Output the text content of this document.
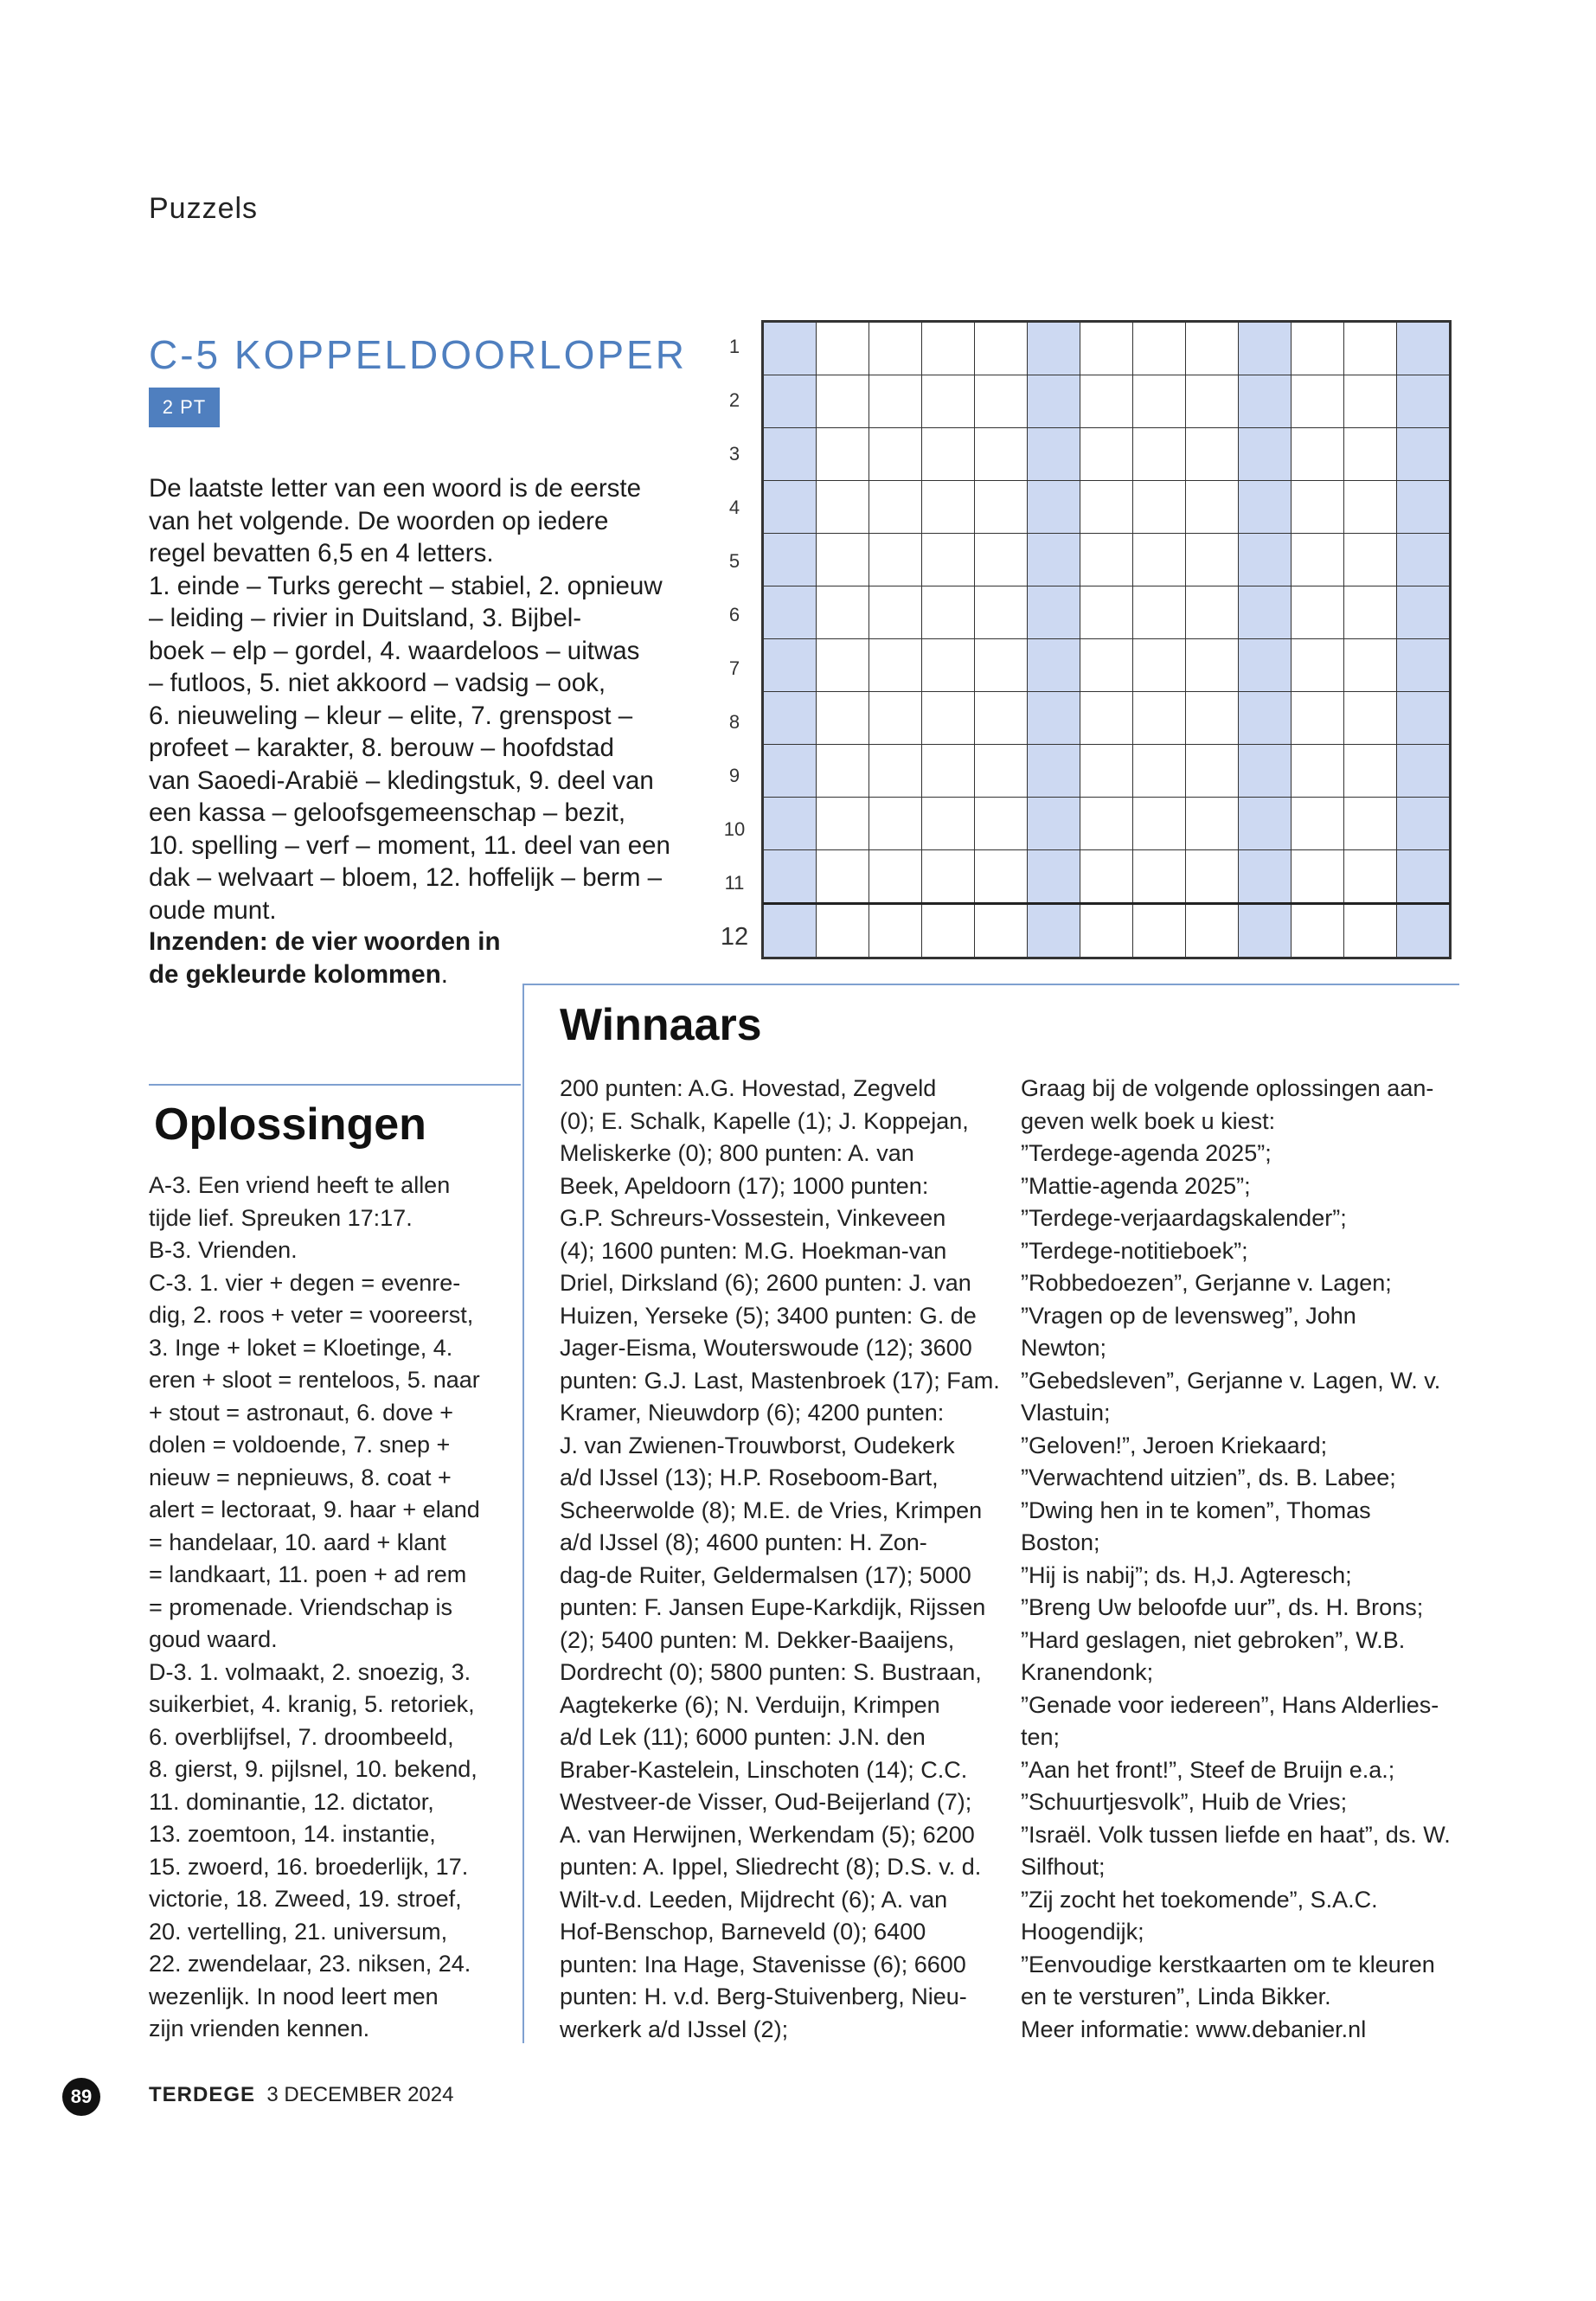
Puzzels
C-5 KOPPELDOORLOPER
2 PT
De laatste letter van een woord is de eerste
van het volgende. De woorden op iedere
regel bevatten 6,5 en 4 letters.
1. einde – Turks gerecht – stabiel, 2. opnieuw
– leiding – rivier in Duitsland, 3. Bijbel-
boek – elp – gordel, 4. waardeloos – uitwas
– futloos, 5. niet akkoord – vadsig – ook,
6. nieuweling – kleur – elite, 7. grenspost –
profeet – karakter, 8. berouw – hoofdstad
van Saoedi-Arabië – kledingstuk, 9. deel van
een kassa – geloofsgemeenschap – bezit,
10. spelling – verf – moment, 11. deel van een
dak – welvaart – bloem, 12. hoffelijk – berm –
oude munt.
Inzenden: de vier woorden in
de gekleurde kolommen.
1
2
3
4
5
6
7
8
9
10
11
12

Winnaars
Oplossingen
A-3. Een vriend heeft te allen
tijde lief. Spreuken 17:17.
B-3. Vrienden.
C-3. 1. vier + degen = evenre-
dig, 2. roos + veter = vooreerst,
3. Inge + loket = Kloetinge, 4.
eren + sloot = renteloos, 5. naar
+ stout = astronaut, 6. dove +
dolen = voldoende, 7. snep +
nieuw = nepnieuws, 8. coat +
alert = lectoraat, 9. haar + eland
= handelaar, 10. aard + klant
= landkaart, 11. poen + ad rem
= promenade. Vriendschap is
goud waard.
D-3. 1. volmaakt, 2. snoezig, 3.
suikerbiet, 4. kranig, 5. retoriek,
6. overblijfsel, 7. droombeeld,
8. gierst, 9. pijlsnel, 10. bekend,
11. dominantie, 12. dictator,
13. zoemtoon, 14. instantie,
15. zwoerd, 16. broederlijk, 17.
victorie, 18. Zweed, 19. stroef,
20. vertelling, 21. universum,
22. zwendelaar, 23. niksen, 24.
wezenlijk. In nood leert men
zijn vrienden kennen.
200 punten: A.G. Hovestad, Zegveld
(0); E. Schalk, Kapelle (1); J. Koppejan,
Meliskerke (0); 800 punten: A. van
Beek, Apeldoorn (17); 1000 punten:
G.P. Schreurs-Vossestein, Vinkeveen
(4); 1600 punten: M.G. Hoekman-van
Driel, Dirksland (6); 2600 punten: J. van
Huizen, Yerseke (5); 3400 punten: G. de
Jager-Eisma, Wouterswoude (12); 3600
punten: G.J. Last, Mastenbroek (17); Fam.
Kramer, Nieuwdorp (6); 4200 punten:
J. van Zwienen-Trouwborst, Oudekerk
a/d IJssel (13); H.P. Roseboom-Bart,
Scheerwolde (8); M.E. de Vries, Krimpen
a/d IJssel (8); 4600 punten: H. Zon-
dag-de Ruiter, Geldermalsen (17); 5000
punten: F. Jansen Eupe-Karkdijk, Rijssen
(2); 5400 punten: M. Dekker-Baaijens,
Dordrecht (0); 5800 punten: S. Bustraan,
Aagtekerke (6); N. Verduijn, Krimpen
a/d Lek (11); 6000 punten: J.N. den
Braber-Kastelein, Linschoten (14); C.C.
Westveer-de Visser, Oud-Beijerland (7);
A. van Herwijnen, Werkendam (5); 6200
punten: A. Ippel, Sliedrecht (8); D.S. v. d.
Wilt-v.d. Leeden, Mijdrecht (6); A. van
Hof-Benschop, Barneveld (0); 6400
punten: Ina Hage, Stavenisse (6); 6600
punten: H. v.d. Berg-Stuivenberg, Nieu-
werkerk a/d IJssel (2);
Graag bij de volgende oplossingen aan-
geven welk boek u kiest:
”Terdege-agenda 2025”;
”Mattie-agenda 2025”;
”Terdege-verjaardagskalender”;
”Terdege-notitieboek”;
”Robbedoezen”, Gerjanne v. Lagen;
”Vragen op de levensweg”, John
Newton;
”Gebedsleven”, Gerjanne v. Lagen, W. v.
Vlastuin;
”Geloven!”, Jeroen Kriekaard;
”Verwachtend uitzien”, ds. B. Labee;
”Dwing hen in te komen”, Thomas
Boston;
”Hij is nabij”; ds. H,J. Agteresch;
”Breng Uw beloofde uur”, ds. H. Brons;
”Hard geslagen, niet gebroken”, W.B.
Kranendonk;
”Genade voor iedereen”, Hans Alderlies-
ten;
”Aan het front!”, Steef de Bruijn e.a.;
”Schuurtjesvolk”, Huib de Vries;
”Israël. Volk tussen liefde en haat”, ds. W.
Silfhout;
”Zij zocht het toekomende”, S.A.C.
Hoogendijk;
”Eenvoudige kerstkaarten om te kleuren
en te versturen”, Linda Bikker.
Meer informatie: www.debanier.nl
89	TERDEGE 3 DECEMBER 2024
